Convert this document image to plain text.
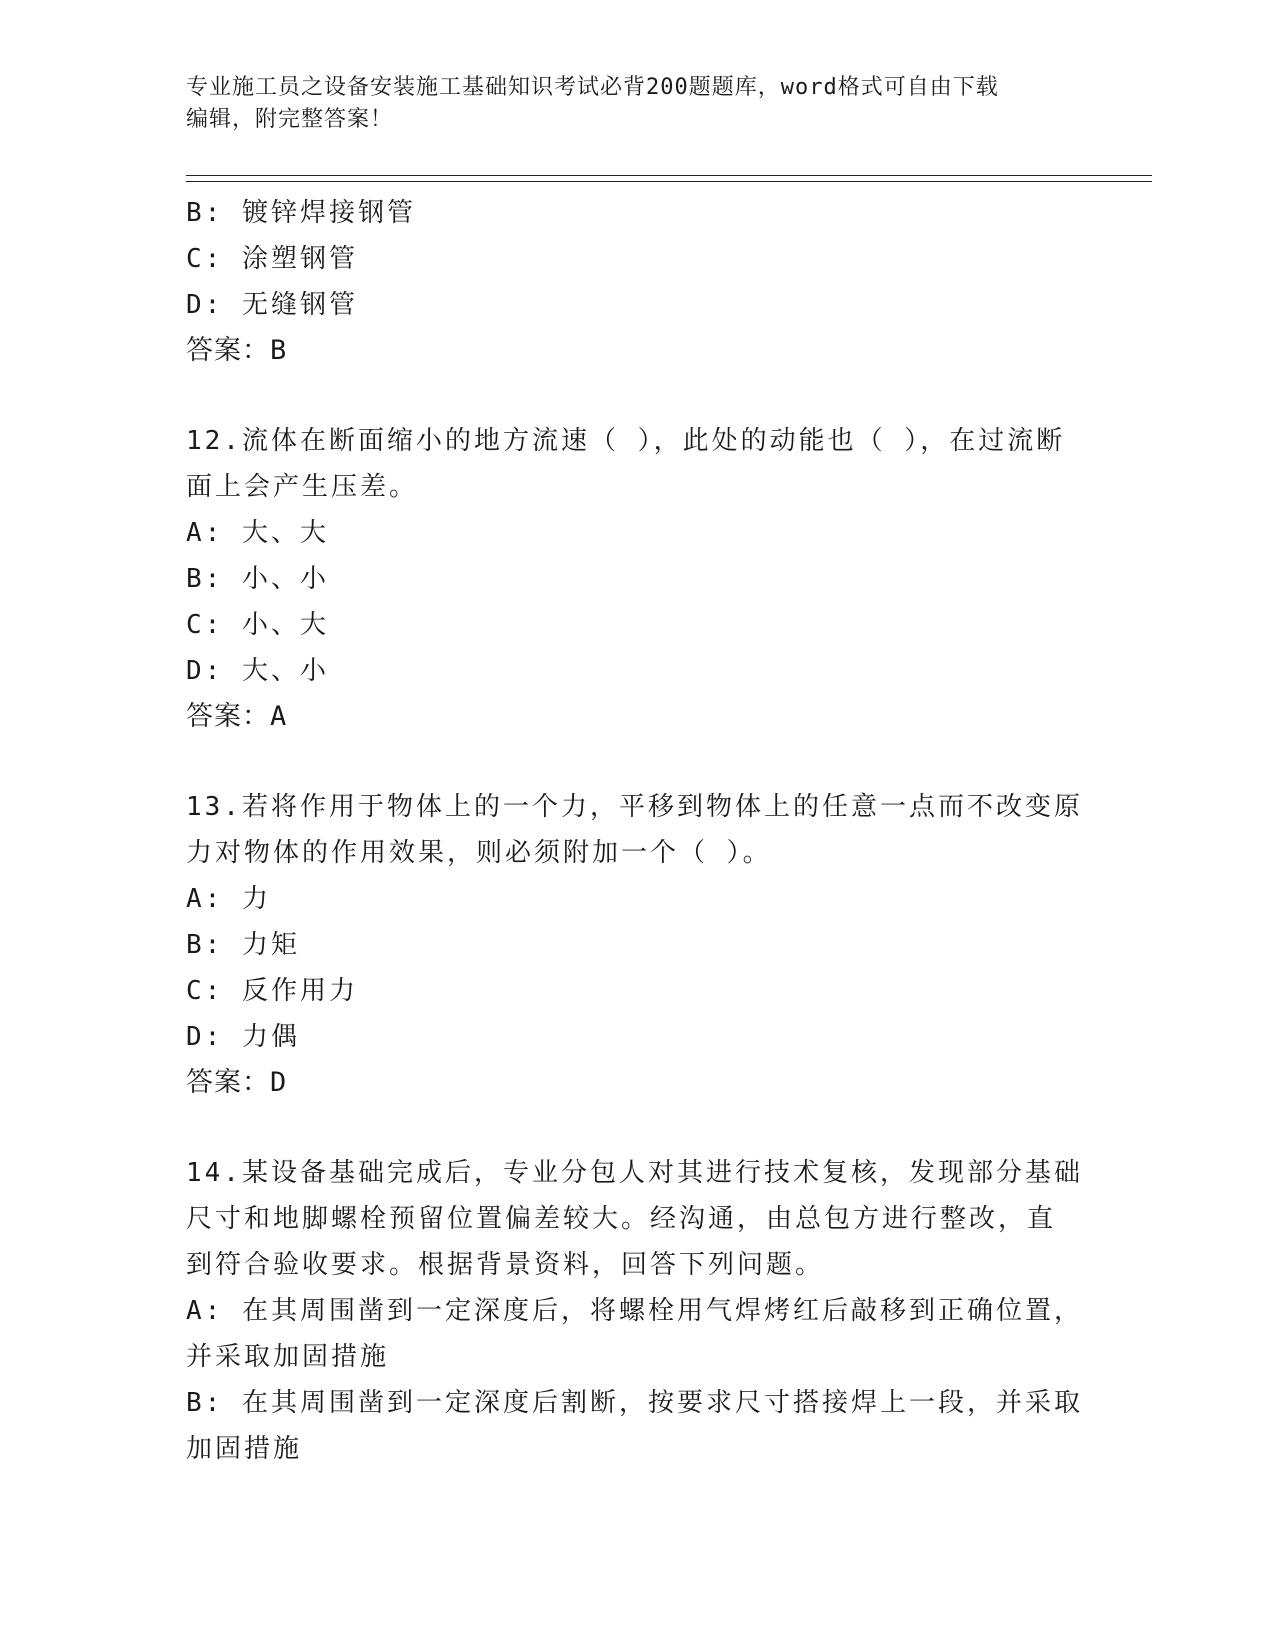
专业施工员之设备安装施工基础知识考试必背200题题库，word格式可自由下载
编辑，附完整答案！
B: 镀锌焊接钢管
C: 涂塑钢管
D: 无缝钢管
答案：B
12.流体在断面缩小的地方流速（ ），此处的动能也（ ），在过流断
面上会产生压差。
A: 大、大
B: 小、小
C: 小、大
D: 大、小
答案：A
13.若将作用于物体上的一个力，平移到物体上的任意一点而不改变原
力对物体的作用效果，则必须附加一个（ ）。
A: 力
B: 力矩
C: 反作用力
D: 力偶
答案：D
14.某设备基础完成后，专业分包人对其进行技术复核，发现部分基础
尺寸和地脚螺栓预留位置偏差较大。经沟通，由总包方进行整改，直
到符合验收要求。根据背景资料，回答下列问题。
A: 在其周围凿到一定深度后，将螺栓用气焊烤红后敲移到正确位置，
并采取加固措施
B: 在其周围凿到一定深度后割断，按要求尺寸搭接焊上一段，并采取
加固措施
